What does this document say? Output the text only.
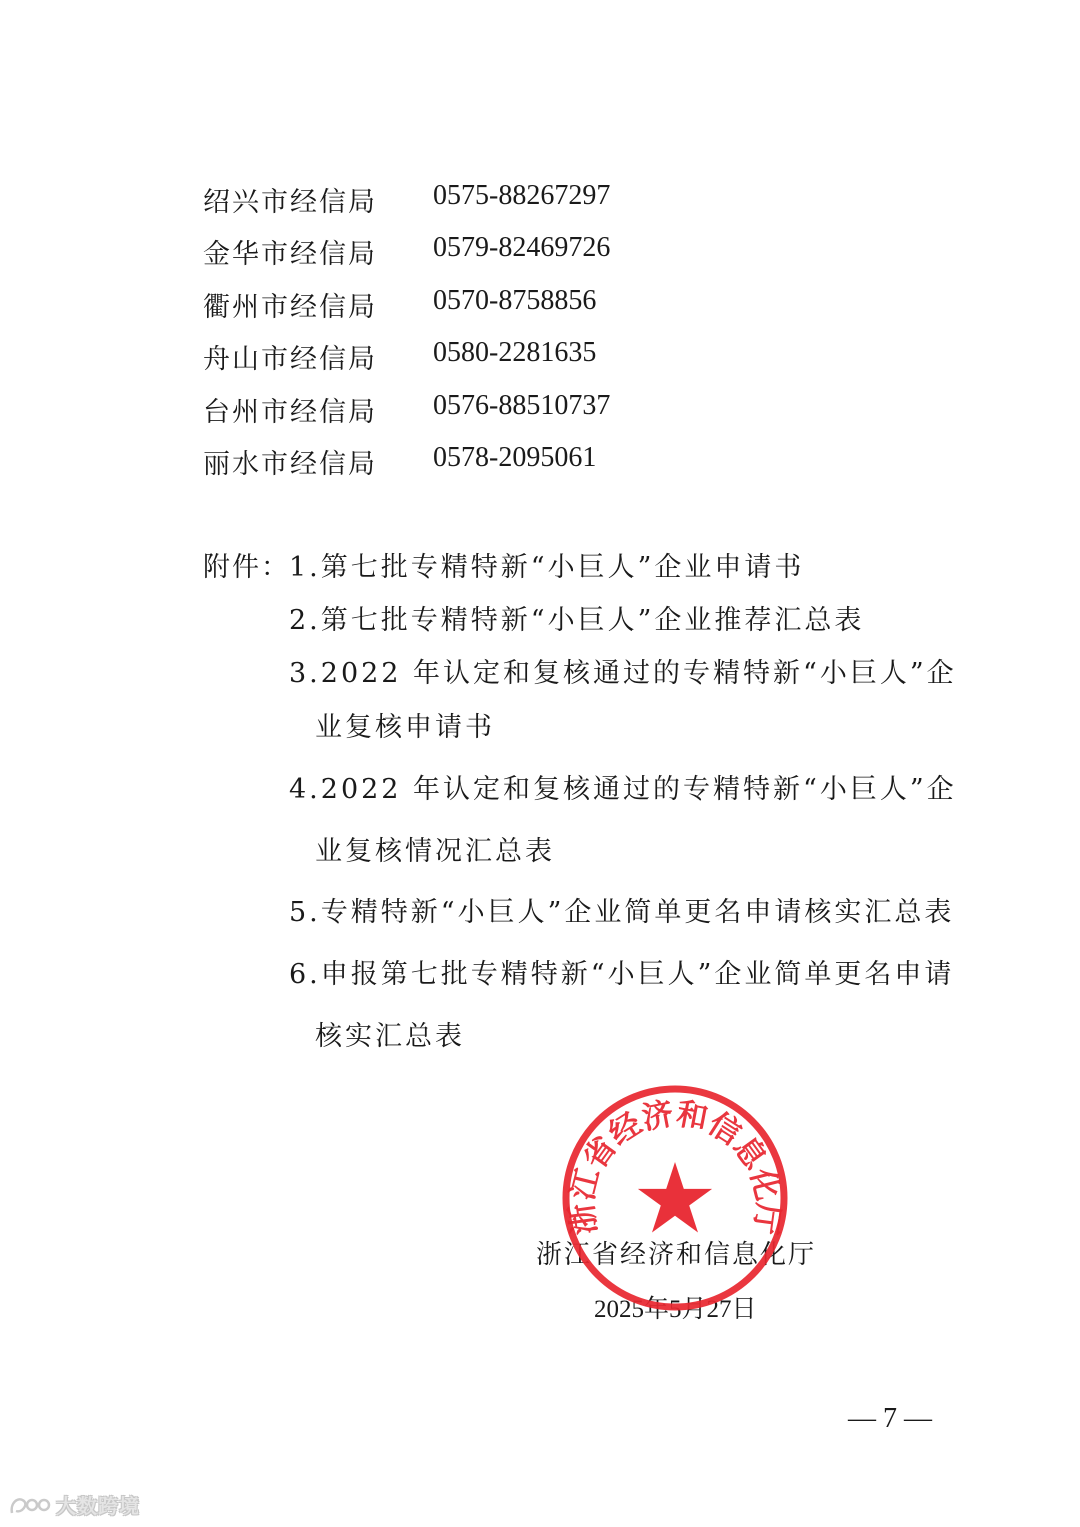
绍兴市经信局 0575-88267297
金华市经信局 0579-82469726
衢州市经信局 0570-8758856
舟山市经信局 0580-2281635
台州市经信局 0576-88510737
丽水市经信局 0578-2095061
附件： 1.第七批专精特新“小巨人”企业申请书
2.第七批专精特新“小巨人”企业推荐汇总表
3.2022 年认定和复核通过的专精特新“小巨人”企
业复核申请书
4.2022 年认定和复核通过的专精特新“小巨人”企
业复核情况汇总表
5.专精特新“小巨人”企业简单更名申请核实汇总表
6.申报第七批专精特新“小巨人”企业简单更名申请
核实汇总表
浙江省经济和信息化厅
2025年5月27日
浙江省经济和信息化厅
— 7 —
大数跨境
